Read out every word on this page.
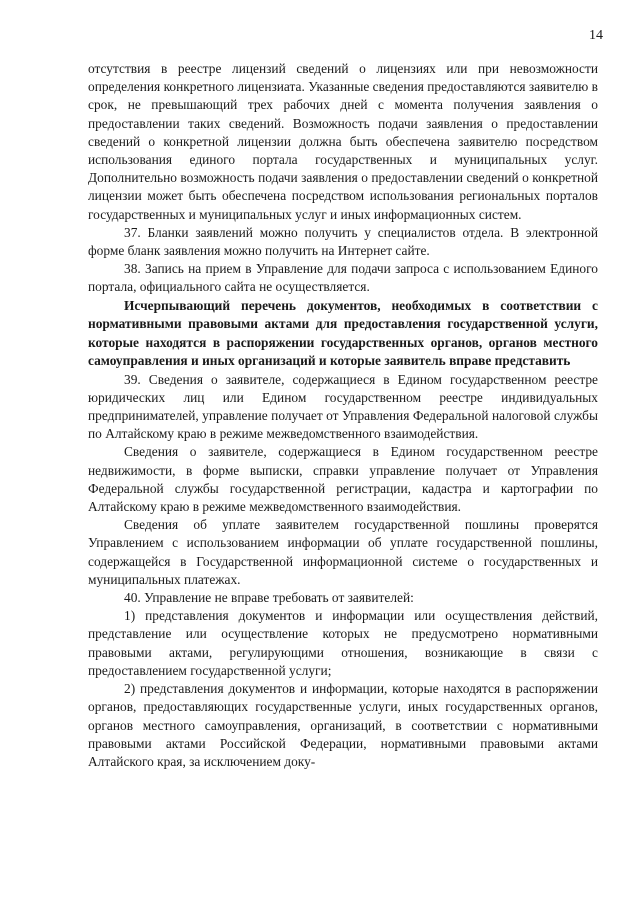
14

отсутствия в реестре лицензий сведений о лицензиях или при невозможности определения конкретного лицензиата. Указанные сведения предоставляются заявителю в срок, не превышающий трех рабочих дней с момента получения заявления о предоставлении таких сведений. Возможность подачи заявления о предоставлении сведений о конкретной лицензии должна быть обеспечена заявителю посредством использования единого портала государственных и муниципальных услуг. Дополнительно возможность подачи заявления о предоставлении сведений о конкретной лицензии может быть обеспечена посредством использования региональных порталов государственных и муниципальных услуг и иных информационных систем.

37. Бланки заявлений можно получить у специалистов отдела. В электронной форме бланк заявления можно получить на Интернет сайте.

38. Запись на прием в Управление для подачи запроса с использованием Единого портала, официального сайта не осуществляется.

Исчерпывающий перечень документов, необходимых в соответствии с нормативными правовыми актами для предоставления государственной услуги, которые находятся в распоряжении государственных органов, органов местного самоуправления и иных организаций и которые заявитель вправе представить

39. Сведения о заявителе, содержащиеся в Едином государственном реестре юридических лиц или Едином государственном реестре индивидуальных предпринимателей, управление получает от Управления Федеральной налоговой службы по Алтайскому краю в режиме межведомственного взаимодействия.

Сведения о заявителе, содержащиеся в Едином государственном реестре недвижимости, в форме выписки, справки управление получает от Управления Федеральной службы государственной регистрации, кадастра и картографии по Алтайскому краю в режиме межведомственного взаимодействия.

Сведения об уплате заявителем государственной пошлины проверятся Управлением с использованием информации об уплате государственной пошлины, содержащейся в Государственной информационной системе о государственных и муниципальных платежах.

40. Управление не вправе требовать от заявителей:

1) представления документов и информации или осуществления действий, представление или осуществление которых не предусмотрено нормативными правовыми актами, регулирующими отношения, возникающие в связи с предоставлением государственной услуги;

2) представления документов и информации, которые находятся в распоряжении органов, предоставляющих государственные услуги, иных государственных органов, органов местного самоуправления, организаций, в соответствии с нормативными правовыми актами Российской Федерации, нормативными правовыми актами Алтайского края, за исключением доку-
